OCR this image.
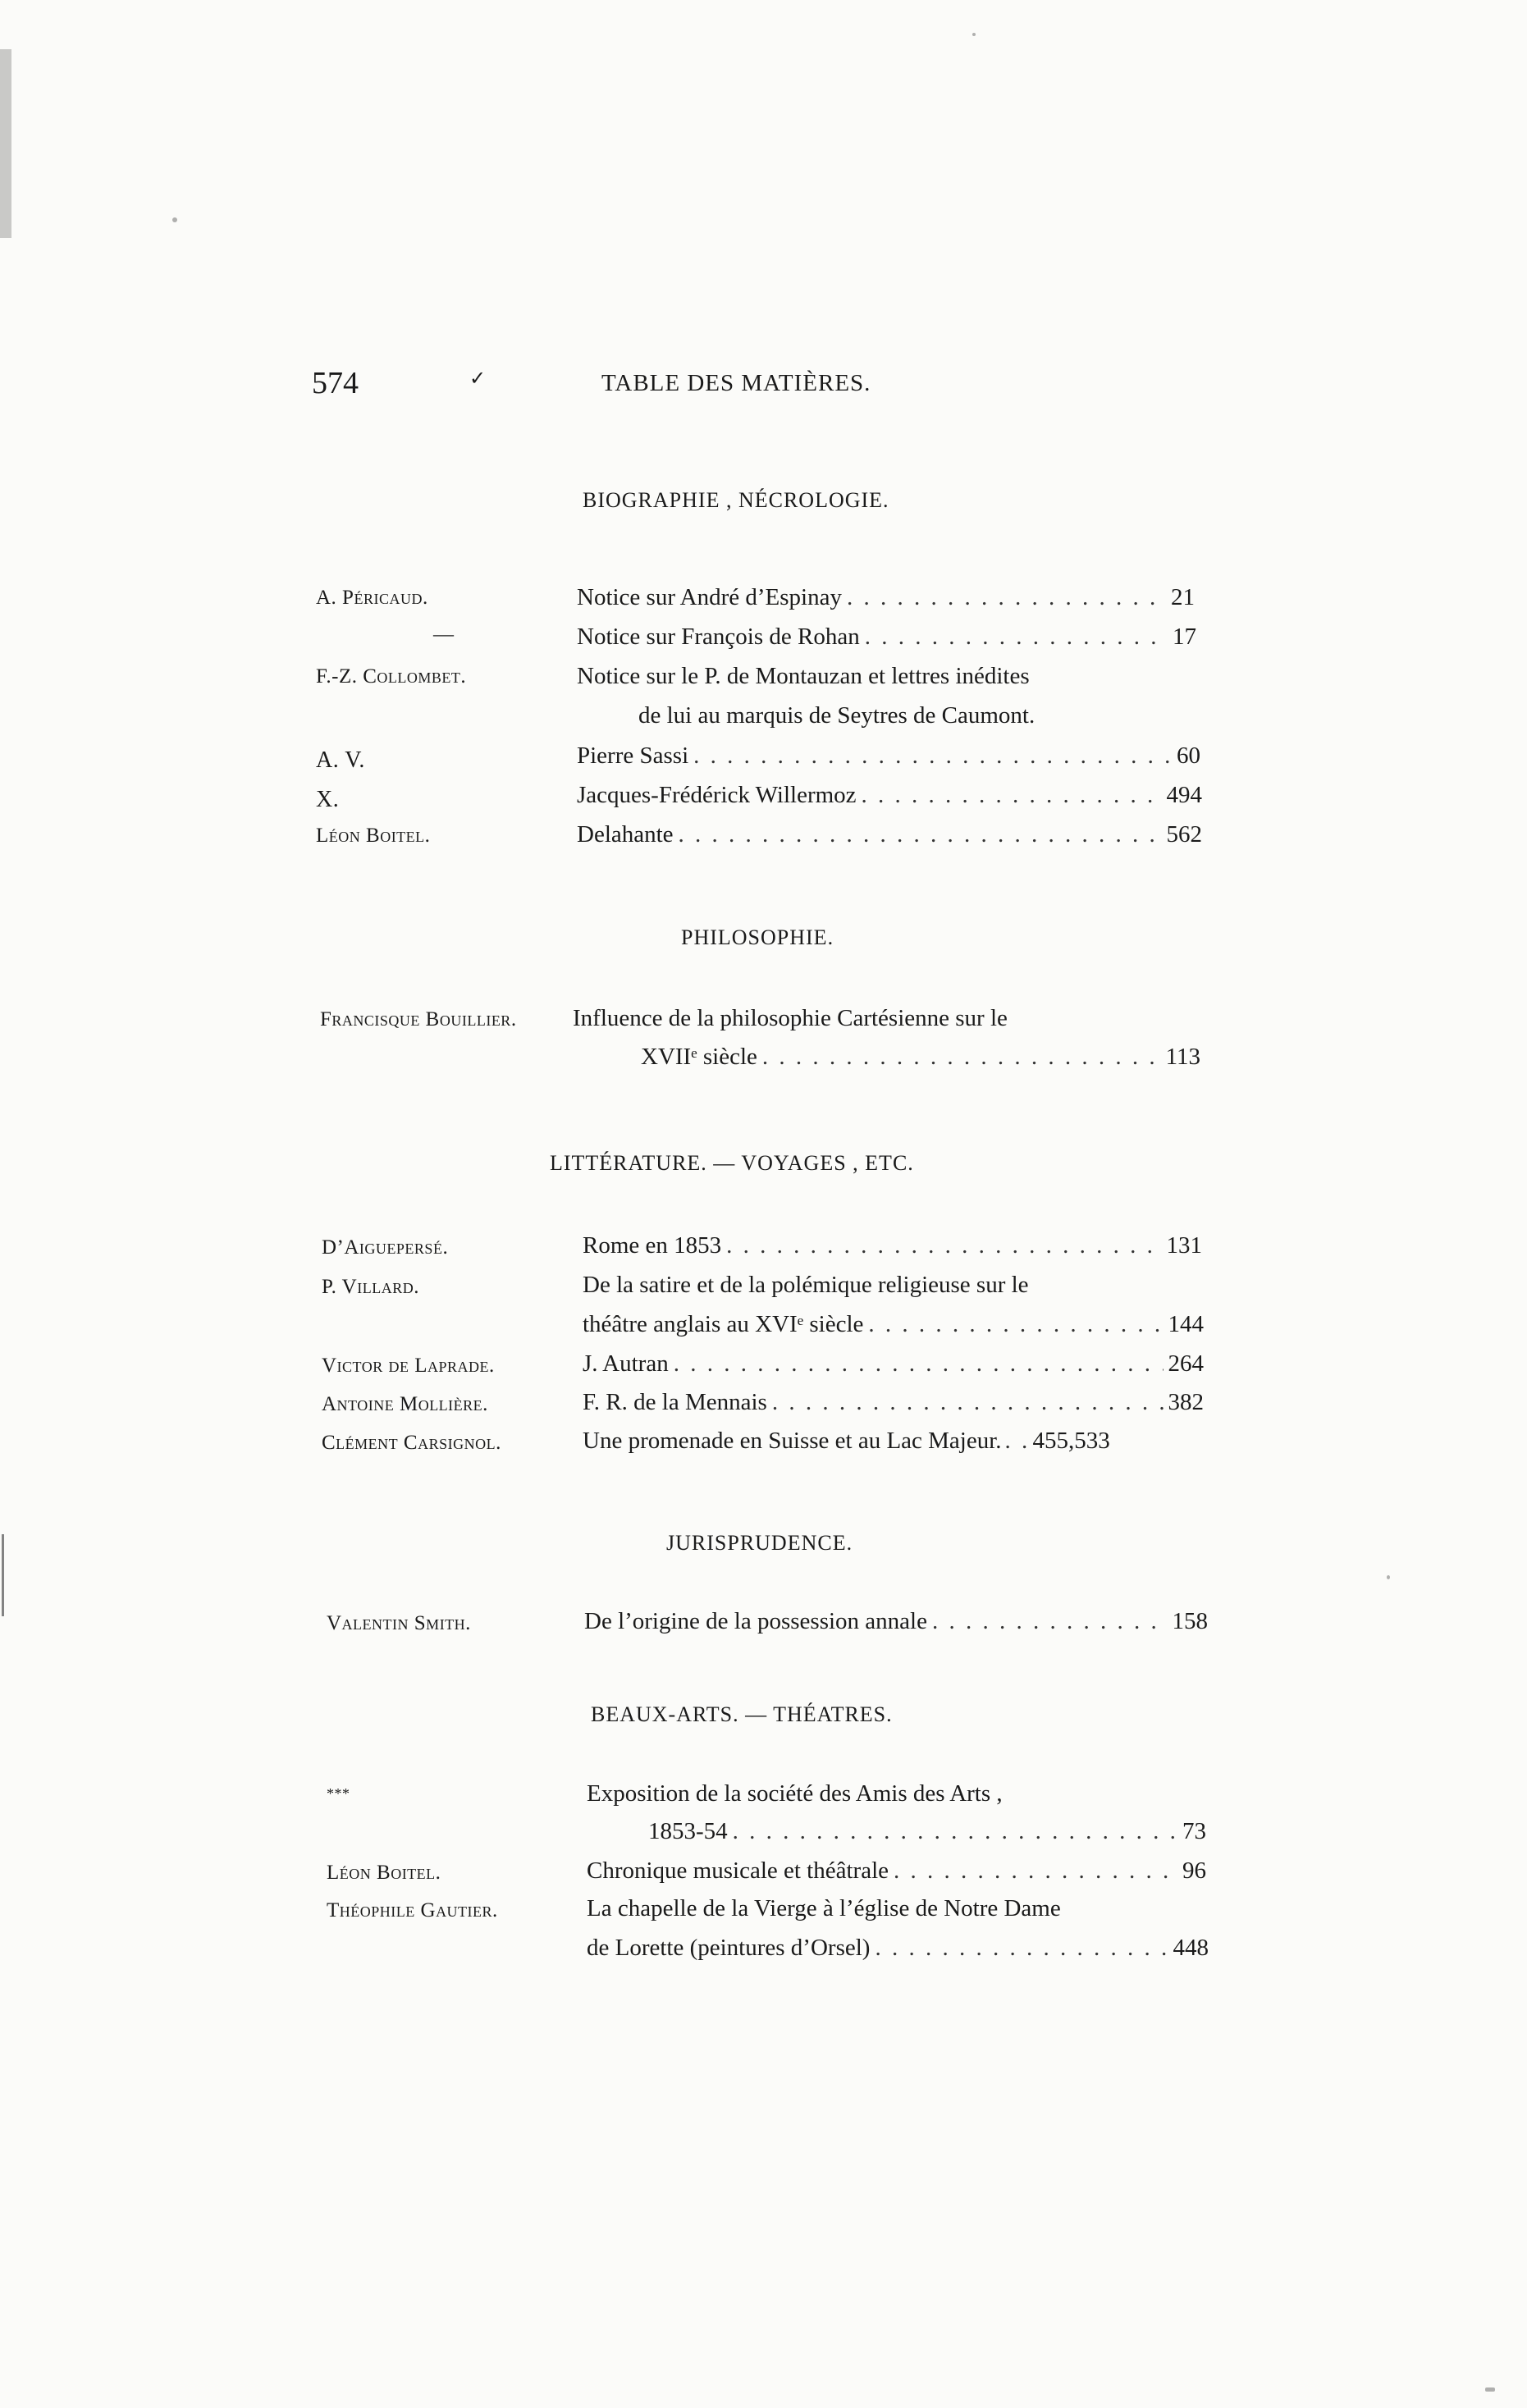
574	✓	TABLE DES MATIÈRES.
BIOGRAPHIE , NÉCROLOGIE.
A. Péricaud.	Notice sur André d’Espinay . . .	21
—	Notice sur François de Rohan . . .	17
F.-Z. Collombet.	Notice sur le P. de Montauzan et lettres inédites
de lui au marquis de Seytres de Caumont.
A. V.	Pierre Sassi . . .	60
X.	Jacques-Frédérick Willermoz . . .	494
Léon Boitel.	Delahante . . .	562
PHILOSOPHIE.
Francisque Bouillier. Influence de la philosophie Cartésienne sur le
XVIIᵉ siècle . . .	113
LITTÉRATURE. — VOYAGES , ETC.
D’Aiguepersé.	Rome en 1853 . . .	131
P. Villard.	De la satire et de la polémique religieuse sur le
théâtre anglais au XVIᵉ siècle . . .	144
Victor de Laprade.	J. Autran . . .	264
Antoine Mollière.	F. R. de la Mennais . . .	382
Clément Carsignol.	Une promenade en Suisse et au Lac Majeur. . . . 455,533
JURISPRUDENCE.
Valentin Smith.	De l’origine de la possession annale . . .	158
BEAUX-ARTS. — THÉATRES.
***	Exposition de la société des Amis des Arts ,
1853-54 . . .	73
Léon Boitel.	Chronique musicale et théâtrale . . .	96
Théophile Gautier.	La chapelle de la Vierge à l’église de Notre Dame
de Lorette (peintures d’Orsel) . . .	448
